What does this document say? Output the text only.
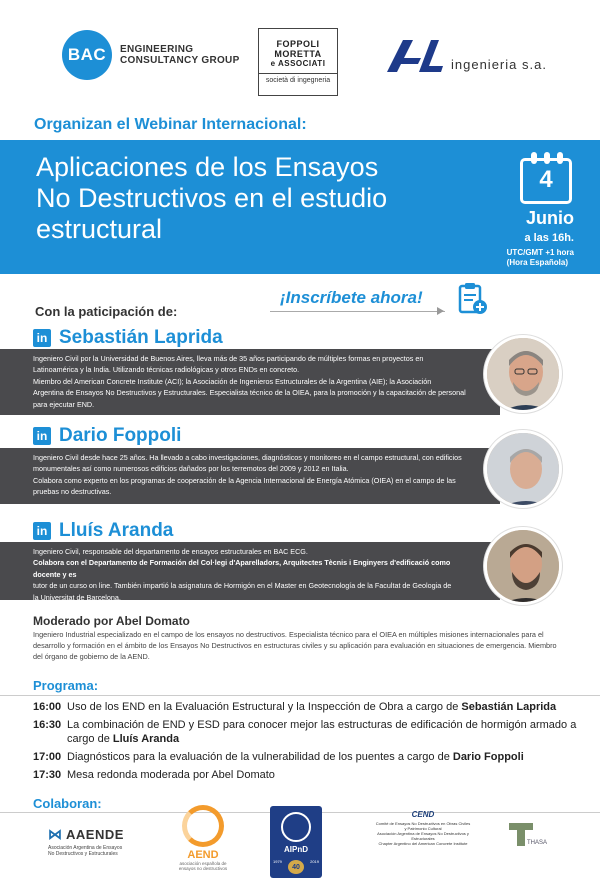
BAC	ENGINEERING
CONSULTANCY GROUP
FOPPOLI
MORETTA
e ASSOCIATI
società di ingegneria
ingenieria s.a.
Organizan el Webinar Internacional:
Aplicaciones de los Ensayos
No Destructivos en el estudio
estructural
4
Junio
a las 16h.
UTC/GMT +1 hora
(Hora Española)
Con la paticipación de:
¡Inscríbete ahora!
in Sebastián Laprida

Ingeniero Civil por la Universidad de Buenos Aires, lleva más de 35 años participando de múltiples formas en proyectos en

Latinoamérica y la India. Utilizando técnicas radiológicas y otros ENDs en concreto.

Miembro del American Concrete Institute (ACI); la Asociación de Ingenieros Estructurales de la Argentina (AIE); la Asociación

Argentina de Ensayos No Destructivos y Estructurales. Especialista técnico de la OIEA, para la promoción y la capacitación de personal

para ejecutar END.

in Dario Foppoli

Ingeniero Civil desde hace 25 años. Ha llevado a cabo investigaciones, diagnósticos y monitoreo en el campo estructural, con edificios

monumentales así como numerosos edificios dañados por los terremotos del 2009 y 2012 en Italia.

Colabora como experto en los programas de cooperación de la Agencia Internacional de Energía Atómica (OIEA) en el campo de las

pruebas no destructivas.

in Lluís Aranda

Ingeniero Civil, responsable del departamento de ensayos estructurales en BAC ECG.

Colabora con el Departamento de Formación del Col·legi d'Aparelladors, Arquitectes Tècnis i Enginyers d'edificació como docente y es

tutor de un curso on line. También impartió la asignatura de Hormigón en el Master en Geotecnología de la Facultat de Geologia de

la Universitat de Barcelona.

Moderado por Abel Domato
Ingeniero Industrial especializado en el campo de los ensayos no destructivos. Especialista técnico para el OIEA en múltiples misiones internacionales para el desarrollo y formación en el ámbito de los Ensayos No Destructivos en estructuras civiles y su aplicación para evaluación en situaciones de emergencia. Miembro del órgano de gobierno de la AEND.
Programa:
16:00 Uso de los END en la Evaluación Estructural y la Inspección de Obra a cargo de Sebastián Laprida
16:30 La combinación de END y ESD para conocer mejor las estructuras de edificación de hormigón armado a cargo de Lluís Aranda
17:00 Diagnósticos para la evaluación de la vulnerabilidad de los puentes a cargo de Dario Foppoli
17:30 Mesa redonda moderada por Abel Domato
Colaboran:
⋈ AAENDE
Asociación Argentina de Ensayos
No Destructivos y Estructurales	AEND
asociación española de
ensayos no destructivos
AIPnD
1979	2019
40
CEND
Comité de Ensayos No Destructivos en Obras Civiles
y Patrimonio Cultural
Asociación Argentina de Ensayos No Destructivos y Estructurales
Chapter Argentino del American Concrete Institute	THASA
